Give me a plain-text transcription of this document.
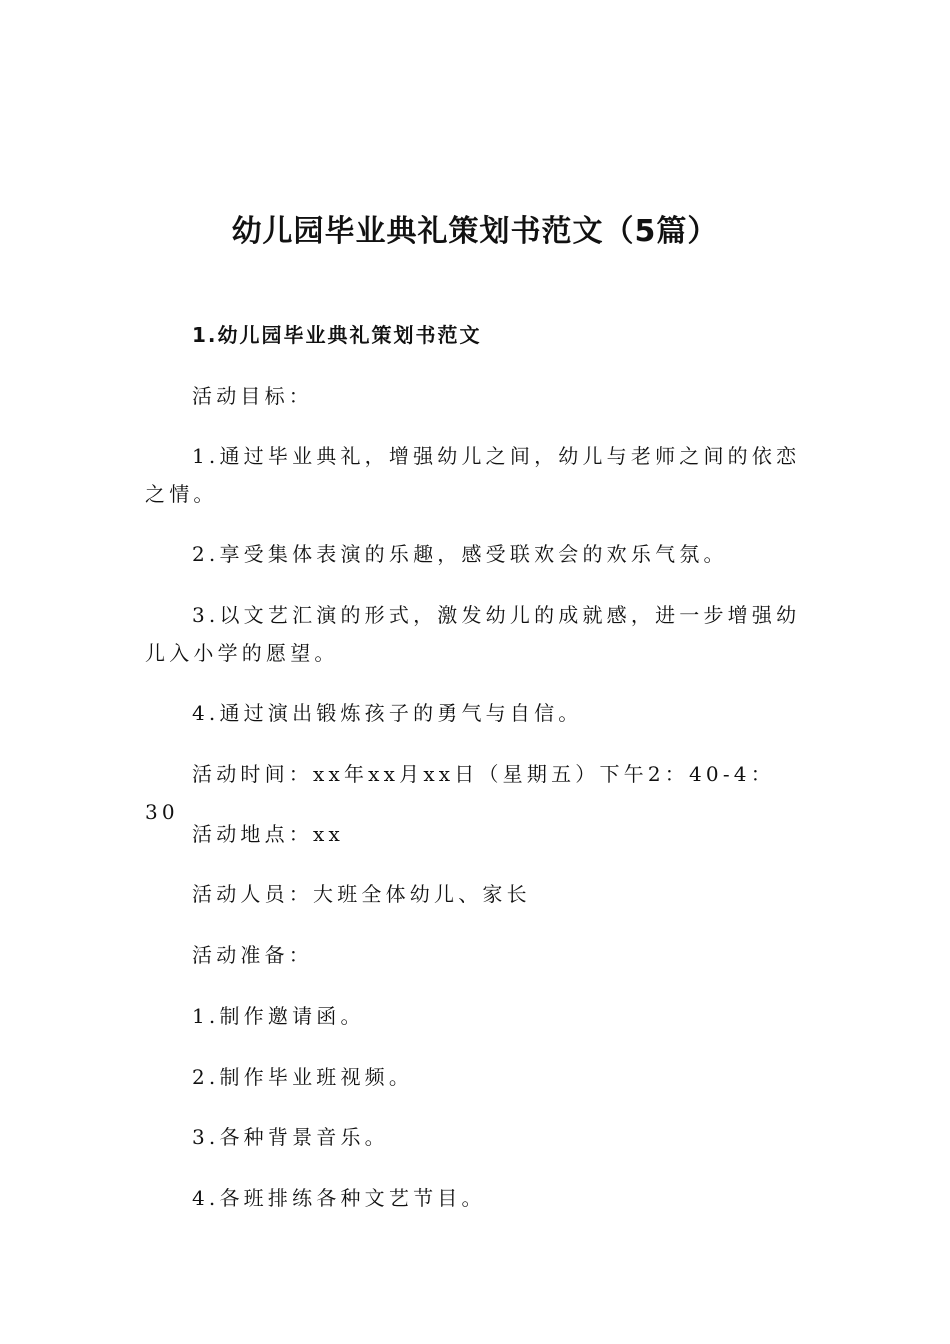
幼儿园毕业典礼策划书范文（5篇）
1.幼儿园毕业典礼策划书范文

活动目标：

1.通过毕业典礼，增强幼儿之间，幼儿与老师之间的依恋之情。

2.享受集体表演的乐趣，感受联欢会的欢乐气氛。

3.以文艺汇演的形式，激发幼儿的成就感，进一步增强幼儿入小学的愿望。

4.通过演出锻炼孩子的勇气与自信。

活动时间：xx年xx月xx日（星期五）下午2：40-4：30

活动地点：xx

活动人员：大班全体幼儿、家长

活动准备：

1.制作邀请函。

2.制作毕业班视频。

3.各种背景音乐。

4.各班排练各种文艺节目。
